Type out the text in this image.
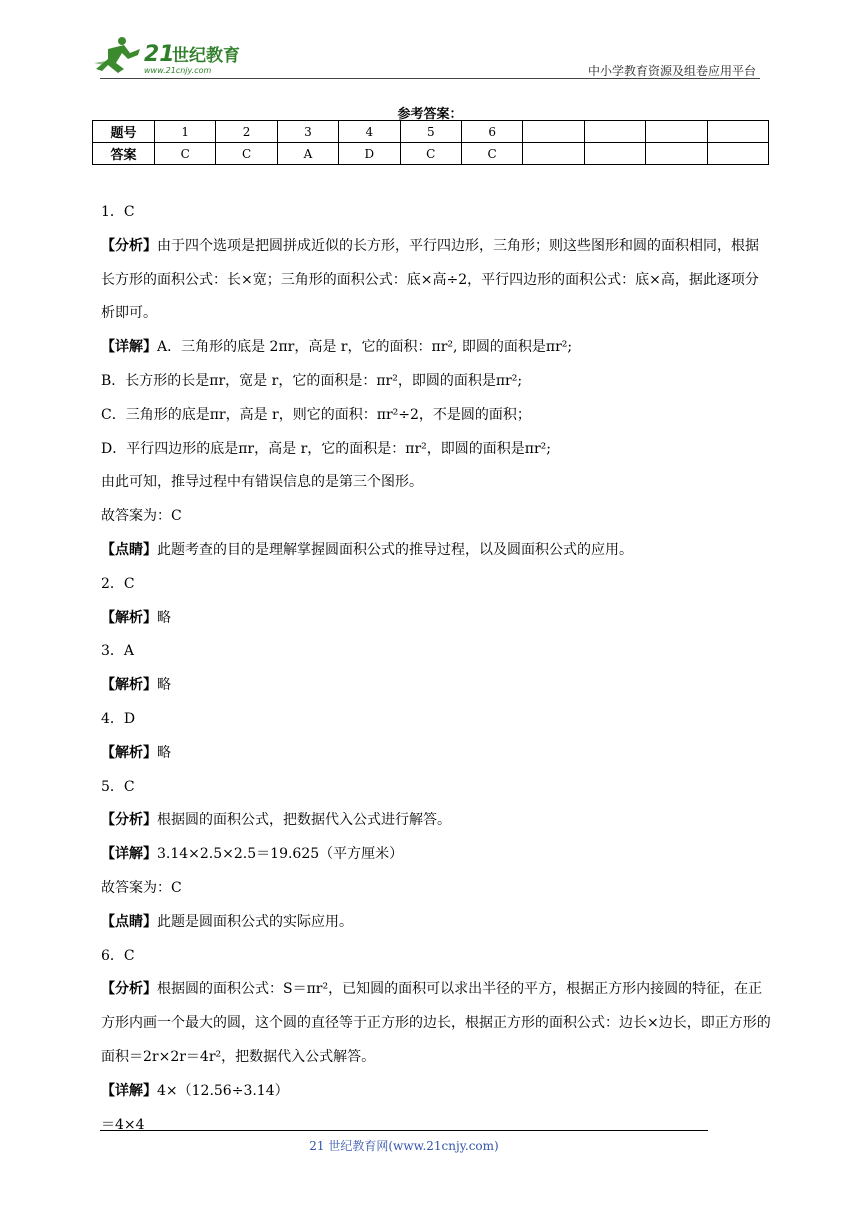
21
世纪教育
www.21cnjy.com	中小学教育资源及组卷应用平台
参考答案：
题号	1	2	3	4	5	6				
答案	C	C	A	D	C	C				
1．C
【分析】由于四个选项是把圆拼成近似的长方形，平行四边形，三角形；则这些图形和圆的面积相同，根据长方形的面积公式：长×宽；三角形的面积公式：底×高÷2，平行四边形的面积公式：底×高，据此逐项分析即可。
【详解】A．三角形的底是 2πr，高是 r，它的面积：πr², 即圆的面积是πr²;
B．长方形的长是πr，宽是 r，它的面积是：πr²，即圆的面积是πr²;
C．三角形的底是πr，高是 r，则它的面积：πr²÷2，不是圆的面积；
D．平行四边形的底是πr，高是 r，它的面积是：πr²，即圆的面积是πr²;
由此可知，推导过程中有错误信息的是第三个图形。
故答案为：C
【点睛】此题考查的目的是理解掌握圆面积公式的推导过程，以及圆面积公式的应用。
2．C
【解析】略
3．A
【解析】略
4．D
【解析】略
5．C
【分析】根据圆的面积公式，把数据代入公式进行解答。
【详解】3.14×2.5×2.5＝19.625（平方厘米）
故答案为：C
【点睛】此题是圆面积公式的实际应用。
6．C
【分析】根据圆的面积公式：S＝πr²，已知圆的面积可以求出半径的平方，根据正方形内接圆的特征，在正方形内画一个最大的圆，这个圆的直径等于正方形的边长，根据正方形的面积公式：边长×边长，即正方形的面积＝2r×2r＝4r²，把数据代入公式解答。
【详解】4×（12.56÷3.14）
＝4×4
21 世纪教育网(www.21cnjy.com)
